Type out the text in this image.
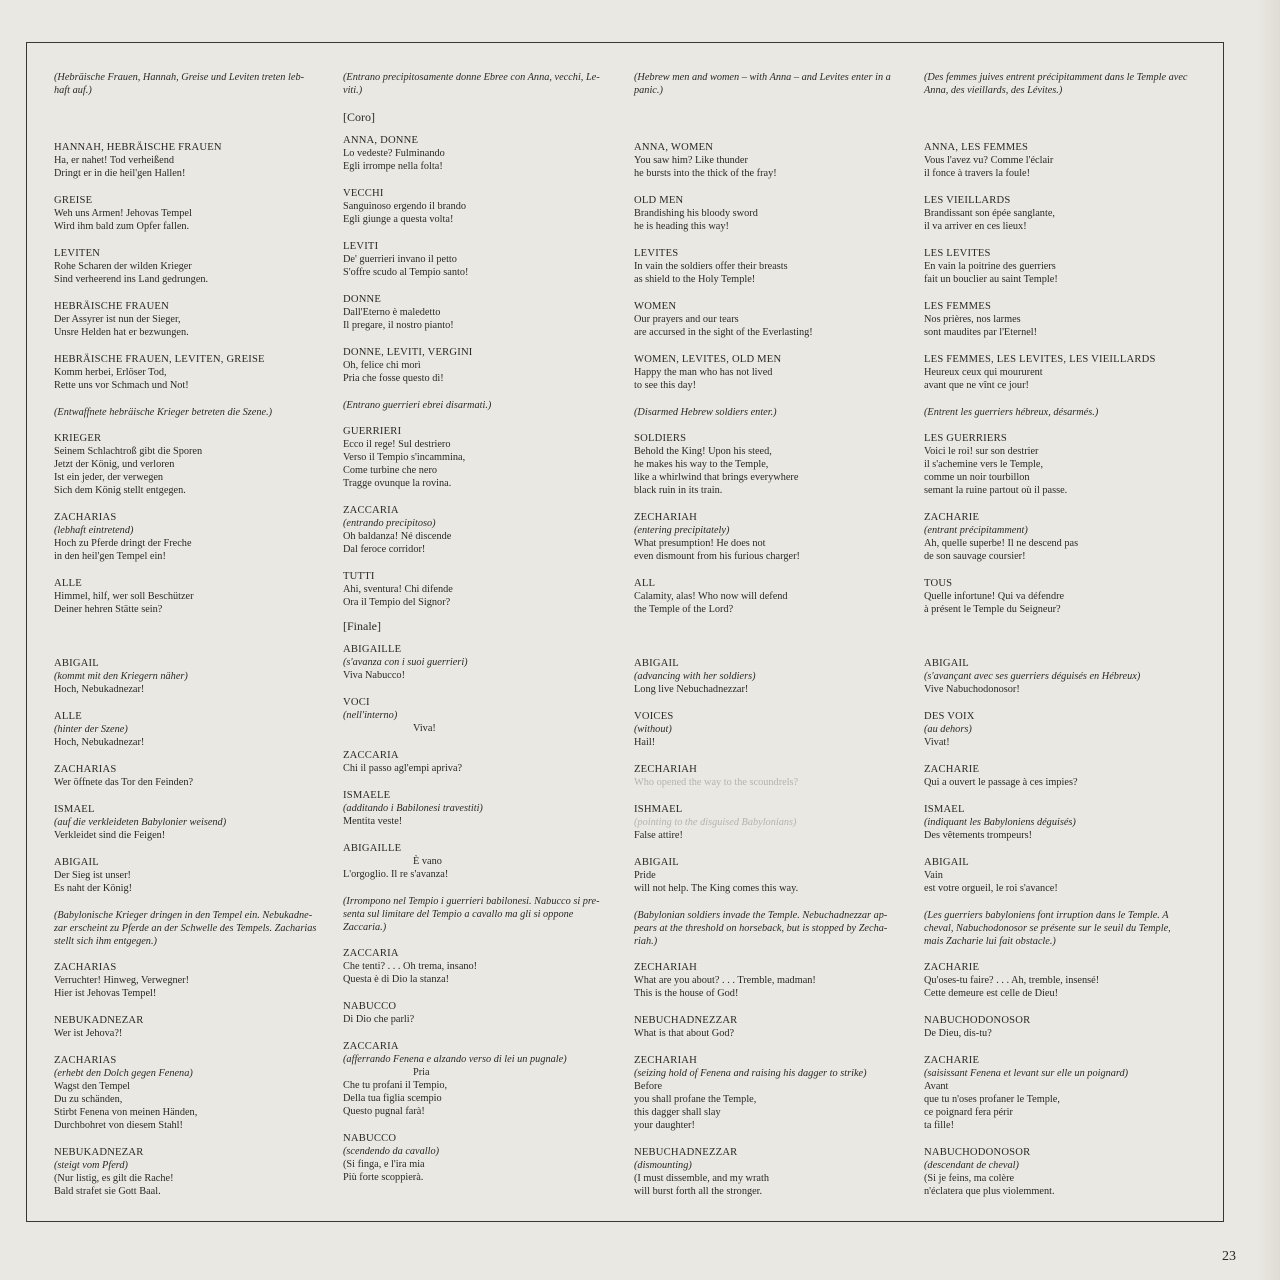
(Hebräische Frauen, Hannah, Greise und Leviten treten leb-
haft auf.)
HANNAH, HEBRÄISCHE FRAUEN
Ha, er nahet! Tod verheißend
Dringt er in die heil'gen Hallen!
GREISE
Weh uns Armen! Jehovas Tempel
Wird ihm bald zum Opfer fallen.
LEVITEN
Rohe Scharen der wilden Krieger
Sind verheerend ins Land gedrungen.
HEBRÄISCHE FRAUEN
Der Assyrer ist nun der Sieger,
Unsre Helden hat er bezwungen.
HEBRÄISCHE FRAUEN, LEVITEN, GREISE
Komm herbei, Erlöser Tod,
Rette uns vor Schmach und Not!
(Entwaffnete hebräische Krieger betreten die Szene.)
KRIEGER
Seinem Schlachtroß gibt die Sporen
Jetzt der König, und verloren
Ist ein jeder, der verwegen
Sich dem König stellt entgegen.
ZACHARIAS
(lebhaft eintretend)
Hoch zu Pferde dringt der Freche
in den heil'gen Tempel ein!
ALLE
Himmel, hilf, wer soll Beschützer
Deiner hehren Stätte sein?
ABIGAIL
(kommt mit den Kriegern näher)
Hoch, Nebukadnezar!
ALLE
(hinter der Szene)
Hoch, Nebukadnezar!
ZACHARIAS
Wer öffnete das Tor den Feinden?
ISMAEL
(auf die verkleideten Babylonier weisend)
Verkleidet sind die Feigen!
ABIGAIL
Der Sieg ist unser!
Es naht der König!
(Babylonische Krieger dringen in den Tempel ein. Nebukadne-
zar erscheint zu Pferde an der Schwelle des Tempels. Zacharias
stellt sich ihm entgegen.)
ZACHARIAS
Verruchter! Hinweg, Verwegner!
Hier ist Jehovas Tempel!
NEBUKADNEZAR
Wer ist Jehova?!
ZACHARIAS
(erhebt den Dolch gegen Fenena)
Wagst den Tempel
Du zu schänden,
Stirbt Fenena von meinen Händen,
Durchbohret von diesem Stahl!
NEBUKADNEZAR
(steigt vom Pferd)
(Nur listig, es gilt die Rache!
Bald strafet sie Gott Baal.
(Entrano precipitosamente donne Ebree con Anna, vecchi, Le-
viti.)
[Coro]
ANNA, DONNE
Lo vedeste? Fulminando
Egli irrompe nella folta!
VECCHI
Sanguinoso ergendo il brando
Egli giunge a questa volta!
LEVITI
De' guerrieri invano il petto
S'offre scudo al Tempio santo!
DONNE
Dall'Eterno è maledetto
Il pregare, il nostro pianto!
DONNE, LEVITI, VERGINI
Oh, felice chi morì
Pria che fosse questo dì!
(Entrano guerrieri ebrei disarmati.)
GUERRIERI
Ecco il rege! Sul destriero
Verso il Tempio s'incammina,
Come turbine che nero
Tragge ovunque la rovina.
ZACCARIA
(entrando precipitoso)
Oh baldanza! Né discende
Dal feroce corridor!
TUTTI
Ahi, sventura! Chi difende
Ora il Tempio del Signor?
[Finale]
ABIGAILLE
(s'avanza con i suoi guerrieri)
Viva Nabucco!
VOCI
(nell'interno)
Viva!
ZACCARIA
Chi il passo agl'empi apriva?
ISMAELE
(additando i Babilonesi travestiti)
Mentita veste!
ABIGAILLE
È vano
L'orgoglio. Il re s'avanza!
(Irrompono nel Tempio i guerrieri babilonesi. Nabucco si pre-
senta sul limitare del Tempio a cavallo ma gli si oppone
Zaccaria.)
ZACCARIA
Che tenti? . . . Oh trema, insano!
Questa è di Dio la stanza!
NABUCCO
Di Dio che parli?
ZACCARIA
(afferrando Fenena e alzando verso di lei un pugnale)
Pria
Che tu profani il Tempio,
Della tua figlia scempio
Questo pugnal farà!
NABUCCO
(scendendo da cavallo)
(Si finga, e l'ira mia
Più forte scoppierà.
(Hebrew men and women – with Anna – and Levites enter in a
panic.)
ANNA, WOMEN
You saw him? Like thunder
he bursts into the thick of the fray!
OLD MEN
Brandishing his bloody sword
he is heading this way!
LEVITES
In vain the soldiers offer their breasts
as shield to the Holy Temple!
WOMEN
Our prayers and our tears
are accursed in the sight of the Everlasting!
WOMEN, LEVITES, OLD MEN
Happy the man who has not lived
to see this day!
(Disarmed Hebrew soldiers enter.)
SOLDIERS
Behold the King! Upon his steed,
he makes his way to the Temple,
like a whirlwind that brings everywhere
black ruin in its train.
ZECHARIAH
(entering precipitately)
What presumption! He does not
even dismount from his furious charger!
ALL
Calamity, alas! Who now will defend
the Temple of the Lord?
ABIGAIL
(advancing with her soldiers)
Long live Nebuchadnezzar!
VOICES
(without)
Hail!
ZECHARIAH
Who opened the way to the scoundrels?
ISHMAEL
(pointing to the disguised Babylonians)
False attire!
ABIGAIL
Pride
will not help. The King comes this way.
(Babylonian soldiers invade the Temple. Nebuchadnezzar ap-
pears at the threshold on horseback, but is stopped by Zecha-
riah.)
ZECHARIAH
What are you about? . . . Tremble, madman!
This is the house of God!
NEBUCHADNEZZAR
What is that about God?
ZECHARIAH
(seizing hold of Fenena and raising his dagger to strike)
Before
you shall profane the Temple,
this dagger shall slay
your daughter!
NEBUCHADNEZZAR
(dismounting)
(I must dissemble, and my wrath
will burst forth all the stronger.
(Des femmes juives entrent précipitamment dans le Temple avec
Anna, des vieillards, des Lévites.)
ANNA, LES FEMMES
Vous l'avez vu? Comme l'éclair
il fonce à travers la foule!
LES VIEILLARDS
Brandissant son épée sanglante,
il va arriver en ces lieux!
LES LEVITES
En vain la poitrine des guerriers
fait un bouclier au saint Temple!
LES FEMMES
Nos prières, nos larmes
sont maudites par l'Eternel!
LES FEMMES, LES LEVITES, LES VIEILLARDS
Heureux ceux qui moururent
avant que ne vînt ce jour!
(Entrent les guerriers hébreux, désarmés.)
LES GUERRIERS
Voici le roi! sur son destrier
il s'achemine vers le Temple,
comme un noir tourbillon
semant la ruine partout où il passe.
ZACHARIE
(entrant précipitamment)
Ah, quelle superbe! Il ne descend pas
de son sauvage coursier!
TOUS
Quelle infortune! Qui va défendre
à présent le Temple du Seigneur?
ABIGAIL
(s'avançant avec ses guerriers déguisés en Hébreux)
Vive Nabuchodonosor!
DES VOIX
(au dehors)
Vivat!
ZACHARIE
Qui a ouvert le passage à ces impies?
ISMAEL
(indiquant les Babyloniens déguisés)
Des vêtements trompeurs!
ABIGAIL
Vain
est votre orgueil, le roi s'avance!
(Les guerriers babyloniens font irruption dans le Temple. A
cheval, Nabuchodonosor se présente sur le seuil du Temple,
mais Zacharie lui fait obstacle.)
ZACHARIE
Qu'oses-tu faire? . . . Ah, tremble, insensé!
Cette demeure est celle de Dieu!
NABUCHODONOSOR
De Dieu, dis-tu?
ZACHARIE
(saisissant Fenena et levant sur elle un poignard)
Avant
que tu n'oses profaner le Temple,
ce poignard fera périr
ta fille!
NABUCHODONOSOR
(descendant de cheval)
(Si je feins, ma colère
n'éclatera que plus violemment.
23
